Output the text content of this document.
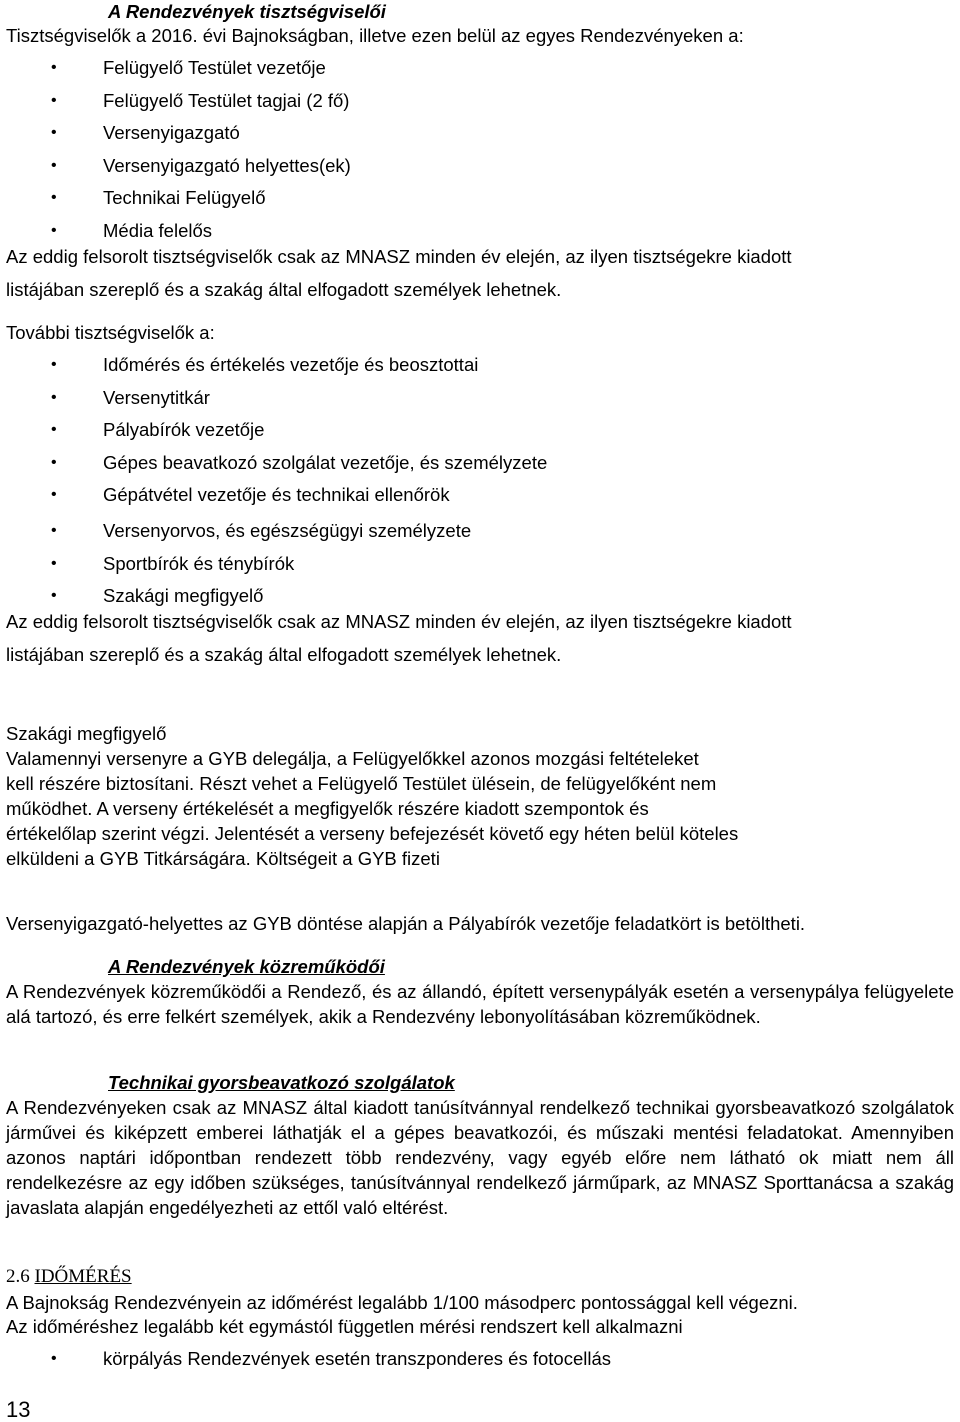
A Rendezvények tisztségviselői

Tisztségviselők a 2016. évi Bajnokságban, illetve ezen belül az egyes Rendezvényeken a:

•	Felügyelő Testület vezetője
•	Felügyelő Testület tagjai (2 fő)
•	Versenyigazgató
•	Versenyigazgató helyettes(ek)
•	Technikai Felügyelő
•	Média felelős

Az eddig felsorolt tisztségviselők csak az MNASZ minden év elején, az ilyen tisztségekre kiadott

listájában szereplő és a szakág által elfogadott személyek lehetnek.

További tisztségviselők a:

•	Időmérés és értékelés vezetője és beosztottai
•	Versenytitkár
•	Pályabírók vezetője
•	Gépes beavatkozó szolgálat vezetője, és személyzete
•	Gépátvétel vezetője és technikai ellenőrök
•	Versenyorvos, és egészségügyi személyzete
•	Sportbírók és ténybírók
•	Szakági megfigyelő

Az eddig felsorolt tisztségviselők csak az MNASZ minden év elején, az ilyen tisztségekre kiadott

listájában szereplő és a szakág által elfogadott személyek lehetnek.

Szakági megfigyelő

Valamennyi versenyre a GYB delegálja, a Felügyelőkkel azonos mozgási feltételeket

kell részére biztosítani. Részt vehet a Felügyelő Testület ülésein, de felügyelőként nem

működhet. A verseny értékelését a megfigyelők részére kiadott szempontok és

értékelőlap szerint végzi. Jelentését a verseny befejezését követő egy héten belül köteles

elküldeni a GYB Titkárságára. Költségeit a GYB fizeti

Versenyigazgató-helyettes az GYB döntése alapján a Pályabírók vezetője feladatkört is betöltheti.

A Rendezvények közreműködői

A Rendezvények közreműködői a Rendező, és az állandó, épített versenypályák esetén a versenypálya felügyelete alá tartozó, és erre felkért személyek, akik a Rendezvény lebonyolításában közreműködnek.

Technikai gyorsbeavatkozó szolgálatok

A Rendezvényeken csak az MNASZ által kiadott tanúsítvánnyal rendelkező technikai gyorsbeavatkozó szolgálatok járművei és kiképzett emberei láthatják el a gépes beavatkozói, és műszaki mentési feladatokat. Amennyiben azonos naptári időpontban rendezett több rendezvény, vagy egyéb előre nem látható ok miatt nem áll rendelkezésre az egy időben szükséges, tanúsítvánnyal rendelkező járműpark, az MNASZ Sporttanácsa a szakág javaslata alapján engedélyezheti az ettől való eltérést.

2.6 IDŐMÉRÉS

A Bajnokság Rendezvényein az időmérést legalább 1/100 másodperc pontossággal kell végezni.

Az időméréshez legalább két egymástól független mérési rendszert kell alkalmazni

•	körpályás Rendezvények esetén transzponderes és fotocellás

13
